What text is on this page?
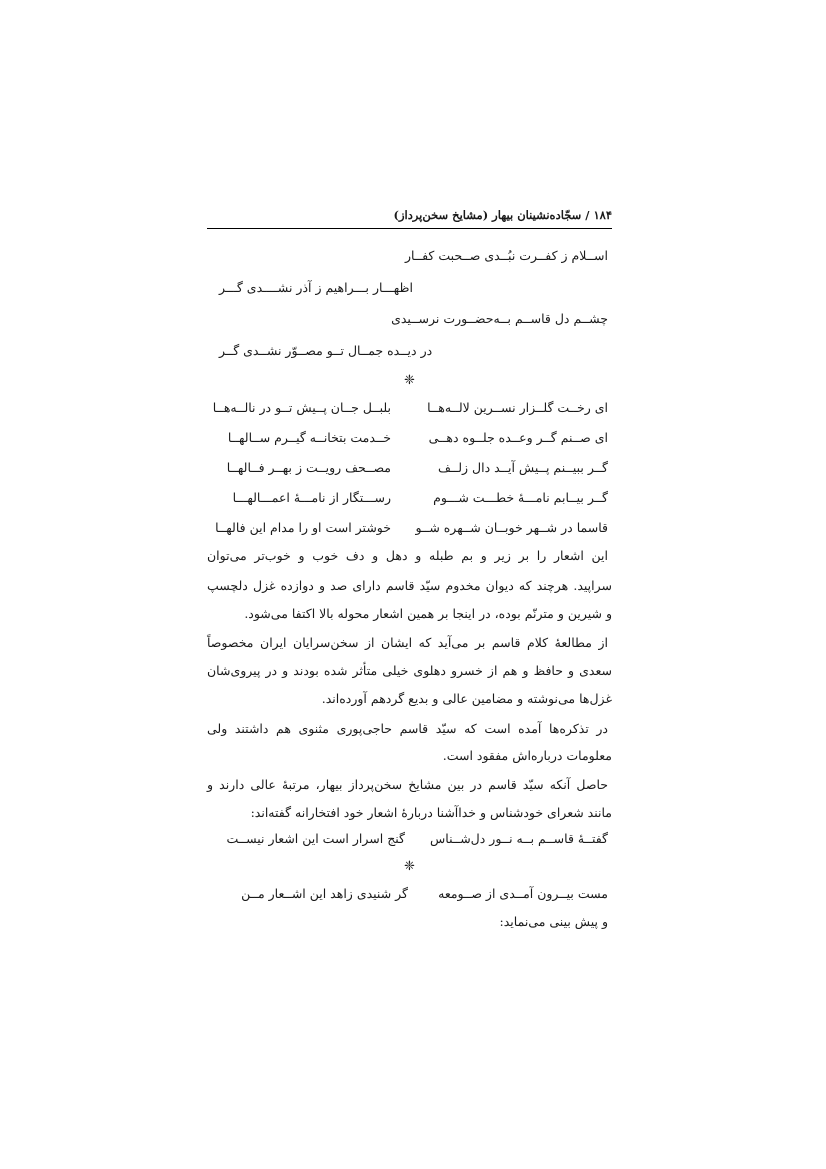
۱۸۴ / سجّاده‌نشینان بیهار (مشایخ سخن‌پرداز)
اســلام ز کفــرت نبُــدی صــحبت کفــار
اظهـــار بـــراهیم ز آذر نشــــدی گـــر
چشــم دل قاســم بــه‌حضــورت نرســیدی
در دیــده جمــال تــو مصــوّر نشــدی گــر
❈
ای رخــت گلــزار نســرین لالــه‌هــا
بلبــل جــان پــیش تــو در نالــه‌هــا
ای صــنم گــر وعــده جلــوه دهــی
خــدمت بتخانــه گیــرم ســالهــا
گــر ببیــنم پــیش آیــد دال زلــف
مصــحف رویــت ز بهــر فــالهــا
گــر بیــابم نامـــهٔ خطـــت شـــوم
رســـتگار از نامـــهٔ اعمـــالهـــا
قاسما در شــهر خوبــان شــهره شــو
خوشتر است او را مدام این فالهــا
این اشعار را بر زیر و بم طبله و دهل و دف خوب و خوب‌تر می‌توان
سراپید. هرچند که دیوان مخدوم سیّد قاسم دارای صد و دوازده غزل دلچسپ
و شیرین و مترنّم بوده، در اینجا بر همین اشعار محوله بالا اکتفا می‌شود.
از مطالعهٔ کلام قاسم بر می‌آید که ایشان از سخن‌سرایان ایران مخصوصاً
سعدی و حافظ و هم از خسرو دهلوی خیلی متأثر شده بودند و در پیروی‌شان
غزل‌ها می‌نوشته و مضامین عالی و بدیع گردهم آورده‌اند.
در تذکره‌ها آمده است که سیّد قاسم حاجی‌پوری مثنوی هم داشتند ولی
معلومات درباره‌اش مفقود است.
حاصل آنکه سیّد قاسم در بین مشایخ سخن‌پرداز بیهار، مرتبهٔ عالی دارند و
مانند شعرای خودشناس و خداآشنا دربارهٔ اشعار خود افتخارانه گفته‌اند:
گفتــهٔ قاســم بــه نــور دل‌شــناس
گنج اسرار است این اشعار نیســت
❈
مست بیــرون آمــدی از صــومعه
گر شنیدی زاهد این اشــعار مــن
و پیش بینی می‌نماید:
